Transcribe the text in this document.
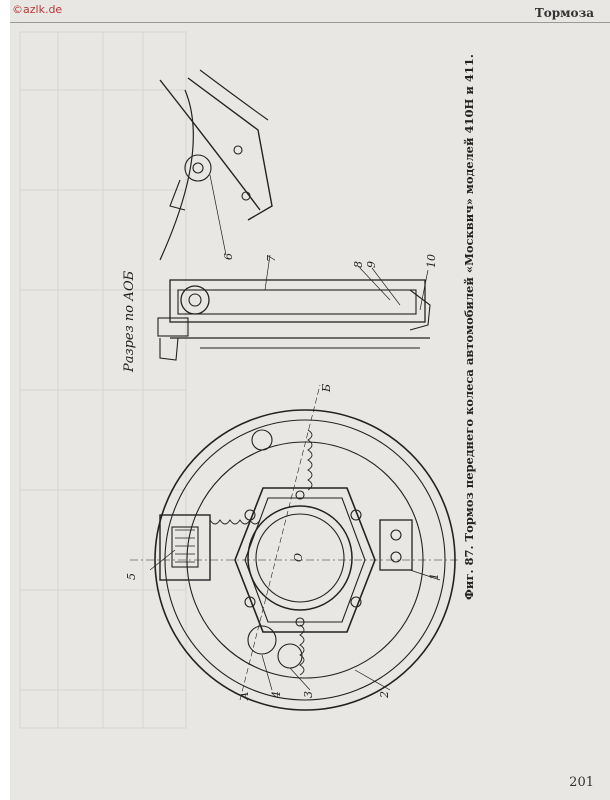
©azlk.de	Тормоза
1
2
3
4
5
6	7
8 9	10
А
О
Б
Разрез по АОБ	Фиг. 87. Тормоз переднего колеса автомобилей «Москвич» моделей 410Н и 411.
201
